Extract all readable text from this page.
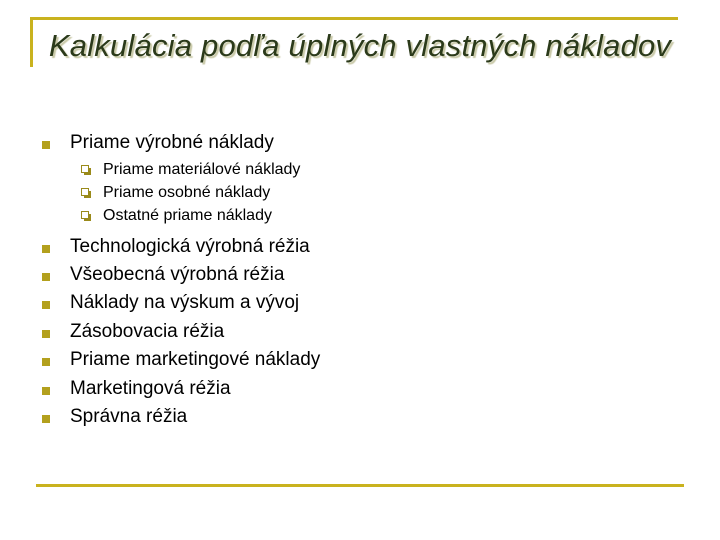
Kalkulácia podľa úplných vlastných nákladov
Priame výrobné náklady
Priame materiálové náklady
Priame osobné náklady
Ostatné priame náklady
Technologická výrobná réžia
Všeobecná výrobná réžia
Náklady na výskum a vývoj
Zásobovacia réžia
Priame marketingové náklady
Marketingová réžia
Správna réžia
